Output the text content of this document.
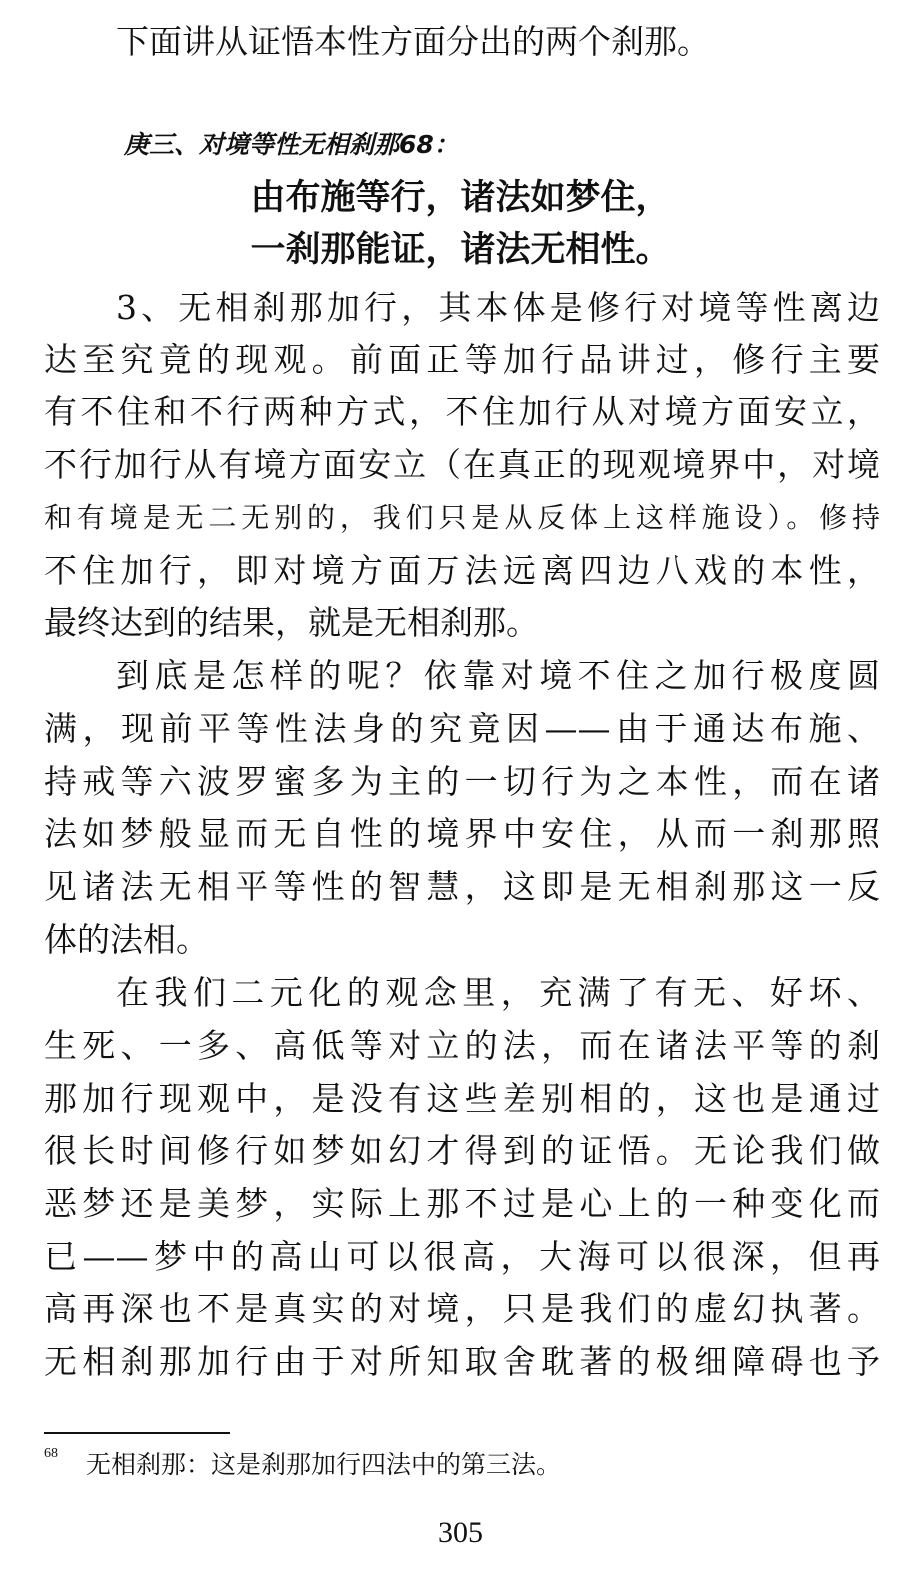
下面讲从证悟本性方面分出的两个刹那。
庚三、对境等性无相刹那68：
由布施等行，诸法如梦住，
一刹那能证，诸法无相性。
3、无相刹那加行，其本体是修行对境等性离边
达至究竟的现观。前面正等加行品讲过，修行主要
有不住和不行两种方式，不住加行从对境方面安立，
不行加行从有境方面安立（在真正的现观境界中，对境
和有境是无二无别的，我们只是从反体上这样施设）。修持
不住加行，即对境方面万法远离四边八戏的本性，
最终达到的结果，就是无相刹那。
到底是怎样的呢？依靠对境不住之加行极度圆
满，现前平等性法身的究竟因——由于通达布施、
持戒等六波罗蜜多为主的一切行为之本性，而在诸
法如梦般显而无自性的境界中安住，从而一刹那照
见诸法无相平等性的智慧，这即是无相刹那这一反
体的法相。
在我们二元化的观念里，充满了有无、好坏、
生死、一多、高低等对立的法，而在诸法平等的刹
那加行现观中，是没有这些差别相的，这也是通过
很长时间修行如梦如幻才得到的证悟。无论我们做
恶梦还是美梦，实际上那不过是心上的一种变化而
已——梦中的高山可以很高，大海可以很深，但再
高再深也不是真实的对境，只是我们的虚幻执著。
无相刹那加行由于对所知取舍耽著的极细障碍也予
68 无相刹那：这是刹那加行四法中的第三法。
305
